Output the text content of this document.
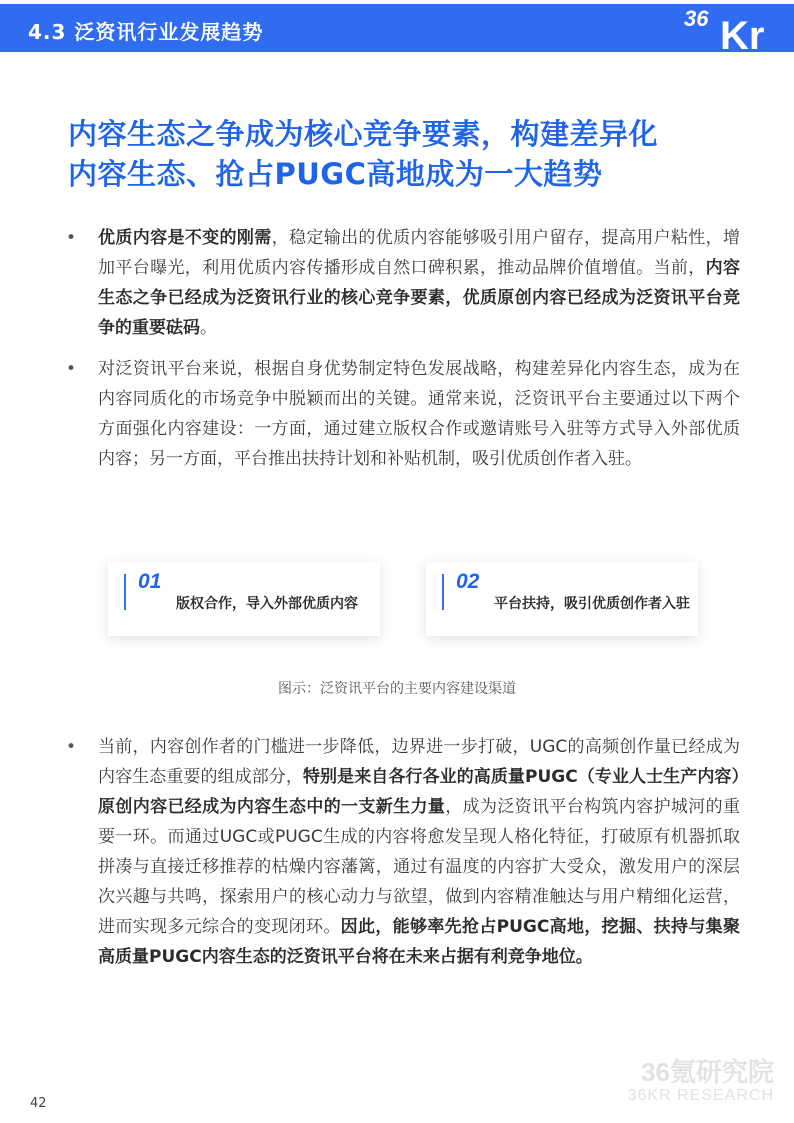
4.3 泛资讯行业发展趋势
36 Kr
内容生态之争成为核心竞争要素，构建差异化
内容生态、抢占PUGC高地成为一大趋势
• 优质内容是不变的刚需，稳定输出的优质内容能够吸引用户留存，提高用户粘性，增加平台曝光，利用优质内容传播形成自然口碑积累，推动品牌价值增值。当前，内容生态之争已经成为泛资讯行业的核心竞争要素，优质原创内容已经成为泛资讯平台竞争的重要砝码。
• 对泛资讯平台来说，根据自身优势制定特色发展战略，构建差异化内容生态，成为在内容同质化的市场竞争中脱颖而出的关键。通常来说，泛资讯平台主要通过以下两个方面强化内容建设：一方面，通过建立版权合作或邀请账号入驻等方式导入外部优质内容；另一方面，平台推出扶持计划和补贴机制，吸引优质创作者入驻。
01
版权合作，导入外部优质内容
02
平台扶持，吸引优质创作者入驻
图示：泛资讯平台的主要内容建设渠道
• 当前，内容创作者的门槛进一步降低，边界进一步打破，UGC的高频创作量已经成为内容生态重要的组成部分，特别是来自各行各业的高质量PUGC（专业人士生产内容）原创内容已经成为内容生态中的一支新生力量，成为泛资讯平台构筑内容护城河的重要一环。而通过UGC或PUGC生成的内容将愈发呈现人格化特征，打破原有机器抓取拼凑与直接迁移推荐的枯燥内容藩篱，通过有温度的内容扩大受众，激发用户的深层次兴趣与共鸣，探索用户的核心动力与欲望，做到内容精准触达与用户精细化运营，进而实现多元综合的变现闭环。因此，能够率先抢占PUGC高地，挖掘、扶持与集聚高质量PUGC内容生态的泛资讯平台将在未来占据有利竞争地位。
36氪研究院
36KR RESEARCH
42
